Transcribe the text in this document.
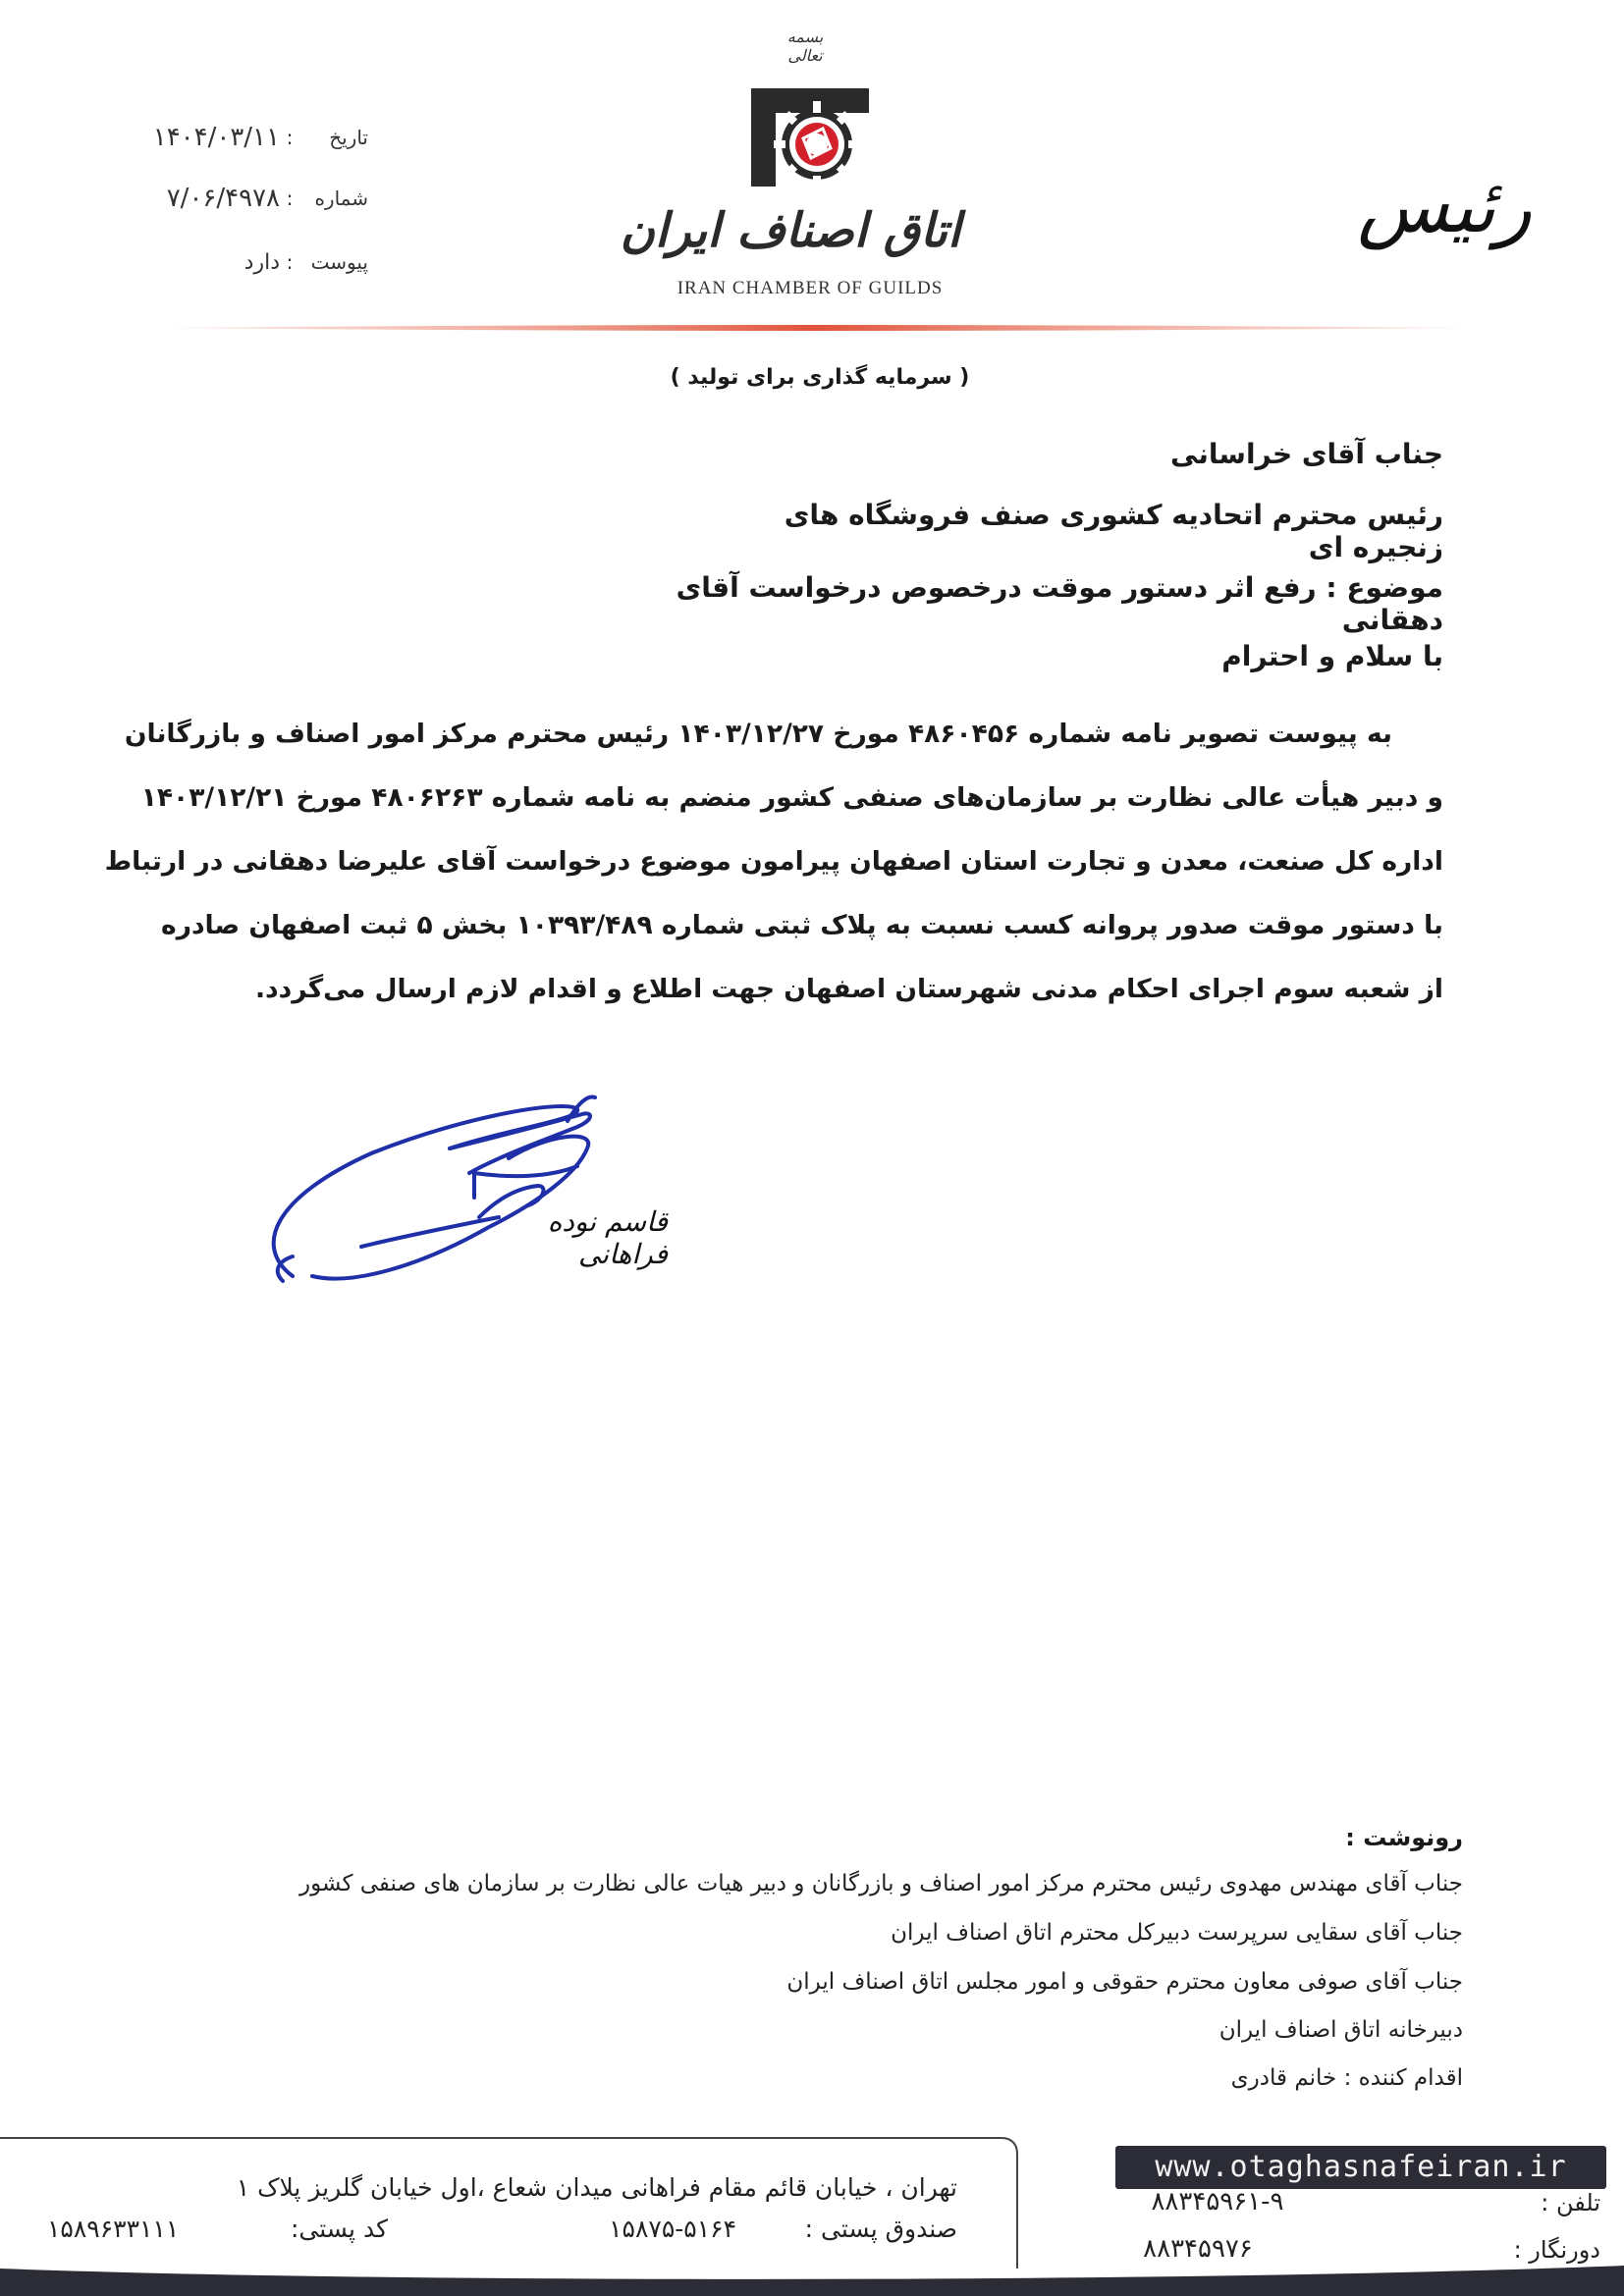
بسمه تعالی
اتاق اصناف ایران
IRAN CHAMBER OF GUILDS
رئیس
تاریخ
:
۱۴۰۴/۰۳/۱۱
شماره
:
۷/۰۶/۴۹۷۸
پیوست
:
دارد
( سرمایه گذاری برای تولید )
جناب آقای خراسانی
رئیس محترم اتحادیه کشوری صنف فروشگاه های زنجیره ای
موضوع : رفع اثر دستور موقت درخصوص درخواست آقای دهقانی
با سلام و احترام
به پیوست تصویر نامه شماره ۴۸۶۰۴۵۶ مورخ ۱۴۰۳/۱۲/۲۷ رئیس محترم مرکز امور اصناف و بازرگانان
و دبیر هیأت عالی نظارت بر سازمان‌های صنفی کشور منضم به نامه شماره ۴۸۰۶۲۶۳ مورخ ۱۴۰۳/۱۲/۲۱
اداره کل صنعت، معدن و تجارت استان اصفهان پیرامون موضوع درخواست آقای علیرضا دهقانی در ارتباط
با دستور موقت صدور پروانه کسب نسبت به پلاک ثبتی شماره ۱۰۳۹۳/۴۸۹ بخش ۵ ثبت اصفهان صادره
از شعبه سوم اجرای احکام مدنی شهرستان اصفهان جهت اطلاع و اقدام لازم ارسال می‌گردد.
قاسم نوده فراهانی
رونوشت :
جناب آقای مهندس مهدوی رئیس محترم مرکز امور اصناف و بازرگانان و دبیر هیات عالی نظارت بر سازمان های صنفی کشور
جناب آقای سقایی سرپرست دبیرکل محترم اتاق اصناف ایران
جناب آقای صوفی معاون محترم حقوقی و امور مجلس اتاق اصناف ایران
دبیرخانه اتاق اصناف ایران
اقدام کننده : خانم قادری
www.otaghasnafeiran.ir
تلفن :
۸۸۳۴۵۹۶۱-۹
دورنگار :
۸۸۳۴۵۹۷۶
تهران ، خیابان قائم مقام فراهانی میدان شعاع ،اول خیابان گلریز پلاک ۱
صندوق پستی :
۱۵۸۷۵-۵۱۶۴
کد پستی:
۱۵۸۹۶۳۳۱۱۱
